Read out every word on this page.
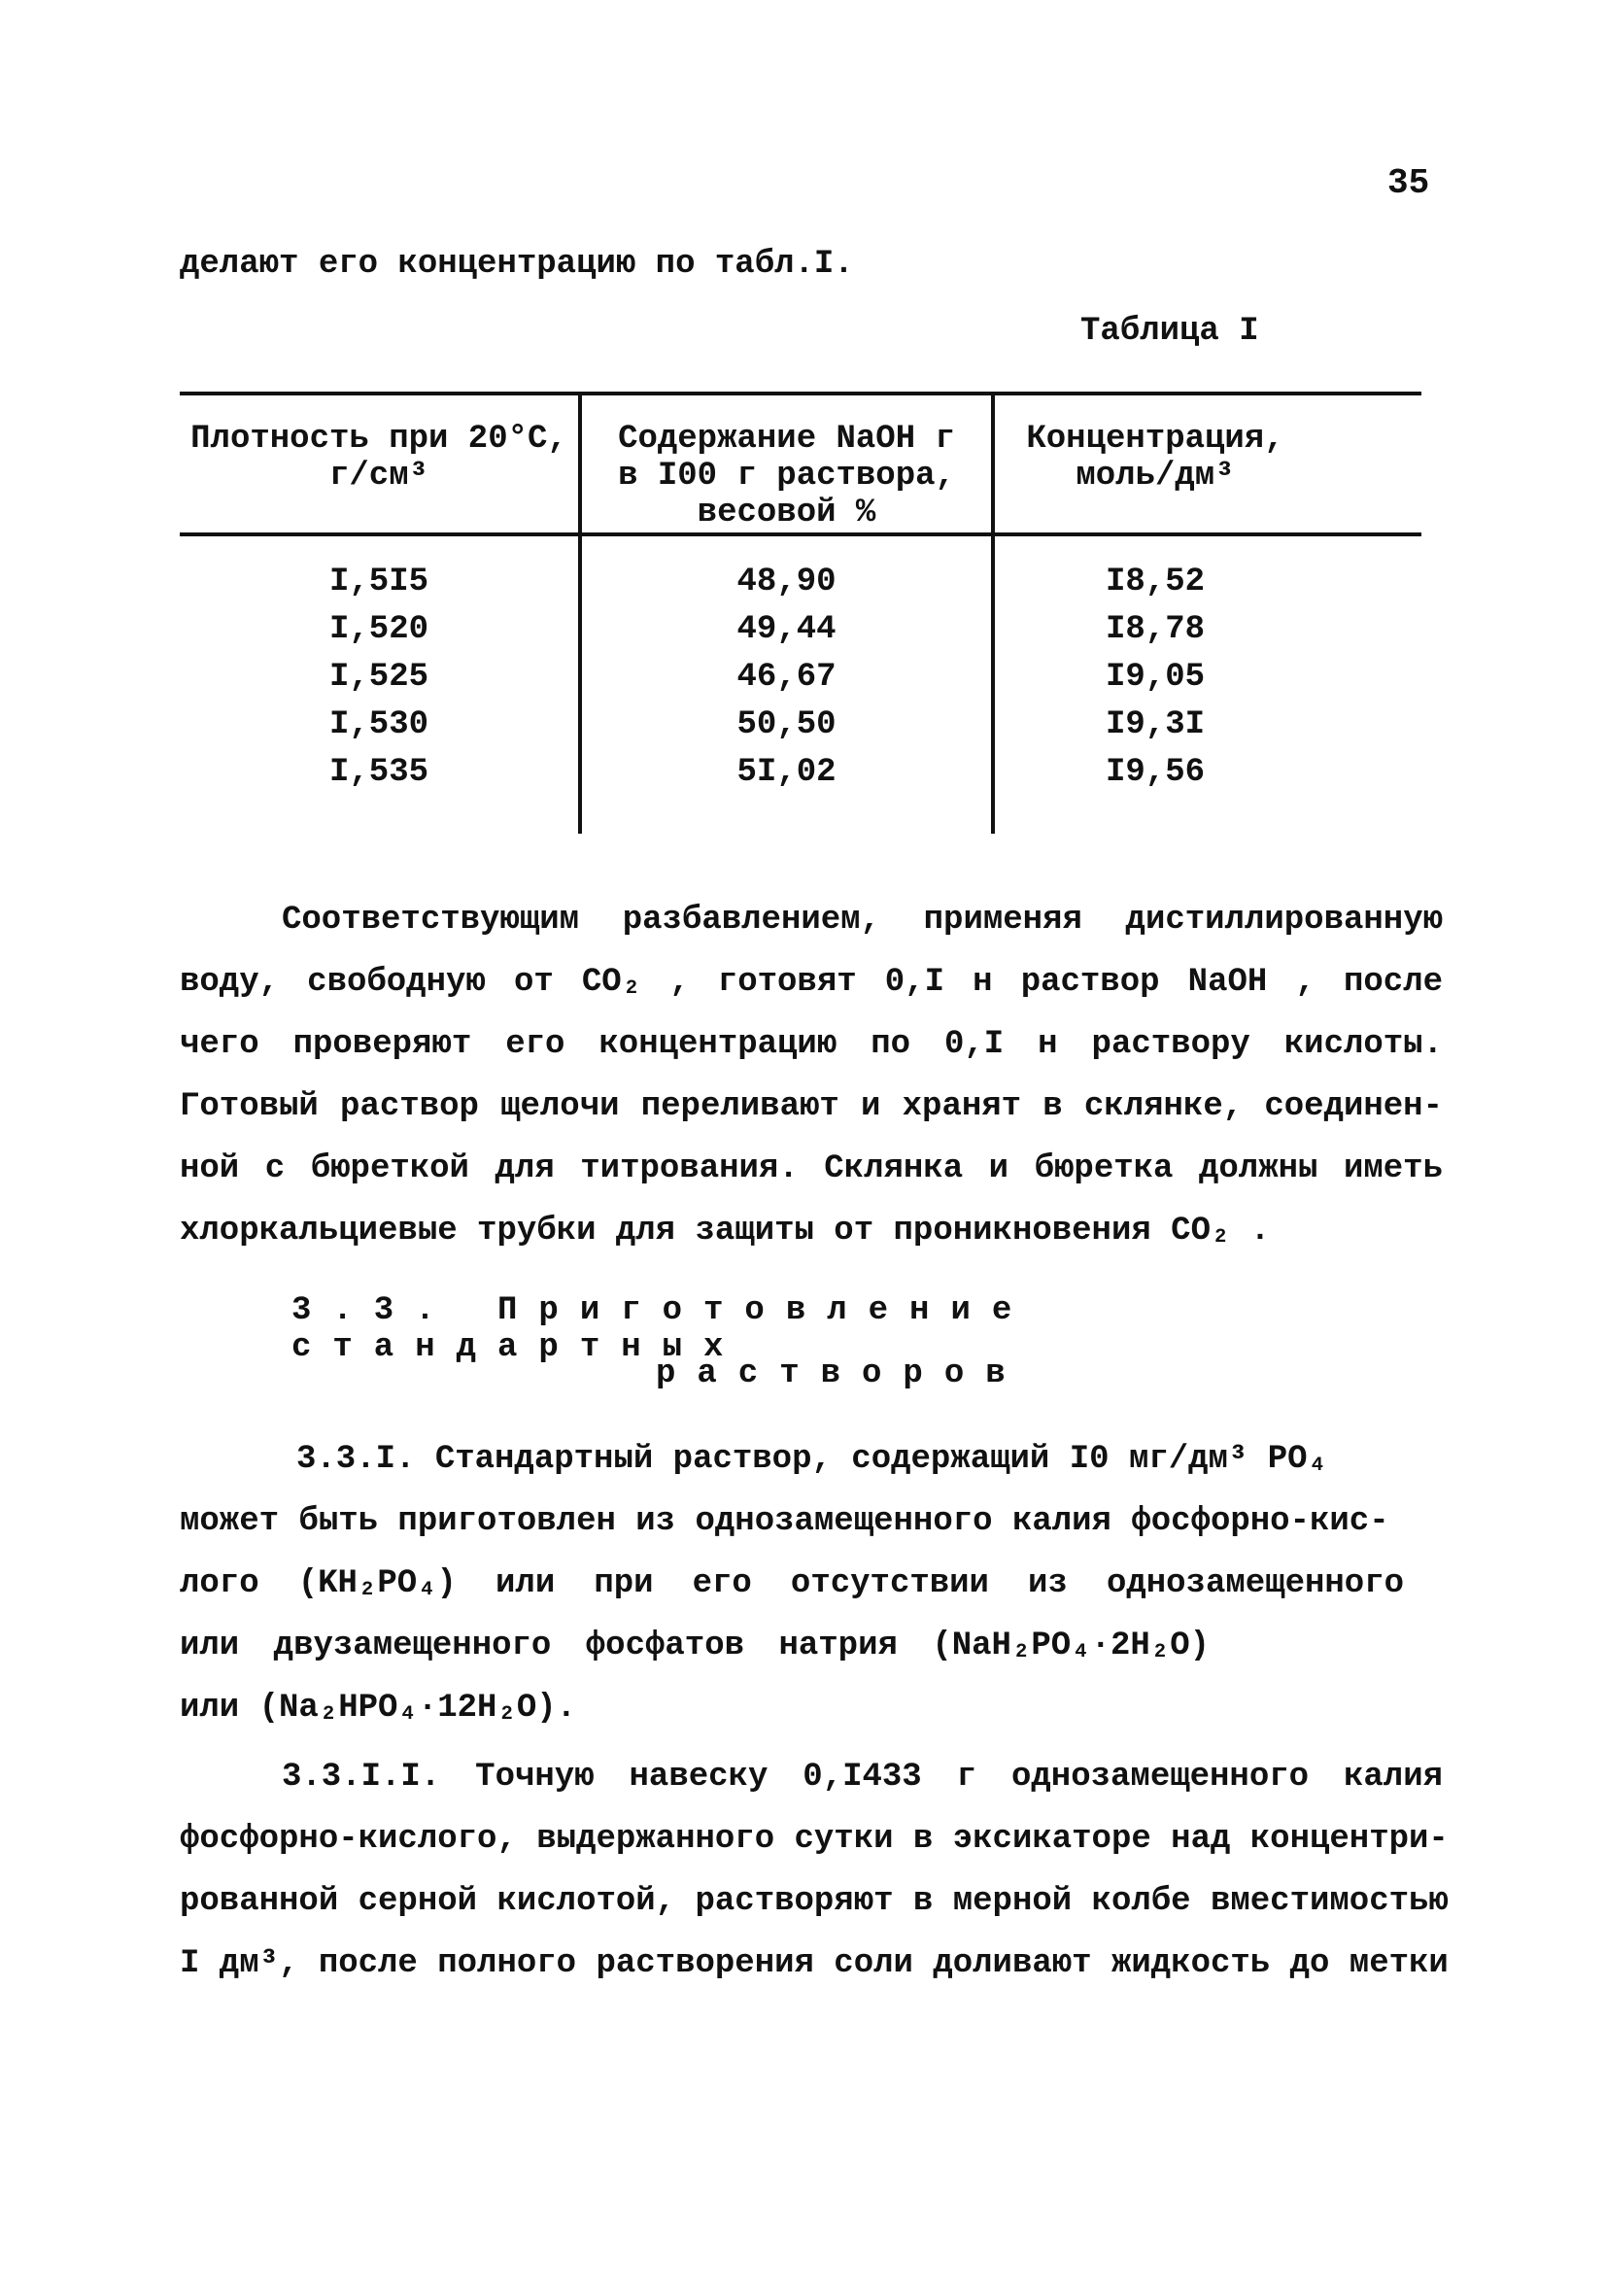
35
делают его концентрацию по табл.I.
Таблица I
Плотность при 20°С,
г/см³
Содержание NaOH г
в I00 г раствора,
весовой %
Концентрация,
моль/дм³
I,5I5
I,520
I,525
I,530
I,535
48,90
49,44
46,67
50,50
5I,02
I8,52
I8,78
I9,05
I9,3I
I9,56
Соответствующим разбавлением, применяя дистиллированную
воду, свободную от CO₂ , готовят 0,I н раствор NaOH , после
чего проверяют его концентрацию по 0,I н раствору кислоты.
Готовый раствор щелочи переливают и хранят в склянке, соединен-
ной с бюреткой для титрования. Склянка и бюретка должны иметь
хлоркальциевые трубки для защиты от проникновения CO₂ .
3.3. Приготовление стандартных
растворов
3.3.I. Стандартный раствор, содержащий I0 мг/дм³ PO₄
может быть приготовлен из однозамещенного калия фосфорно-кис-
лого (KH₂PO₄) или при его отсутствии из однозамещенного
или двузамещенного фосфатов натрия (NaH₂PO₄·2H₂O)
или (Na₂HPO₄·12H₂O).
3.3.I.I. Точную навеску 0,I433 г однозамещенного калия
фосфорно-кислого, выдержанного сутки в эксикаторе над концентри-
рованной серной кислотой, растворяют в мерной колбе вместимостью
I дм³, после полного растворения соли доливают жидкость до метки
